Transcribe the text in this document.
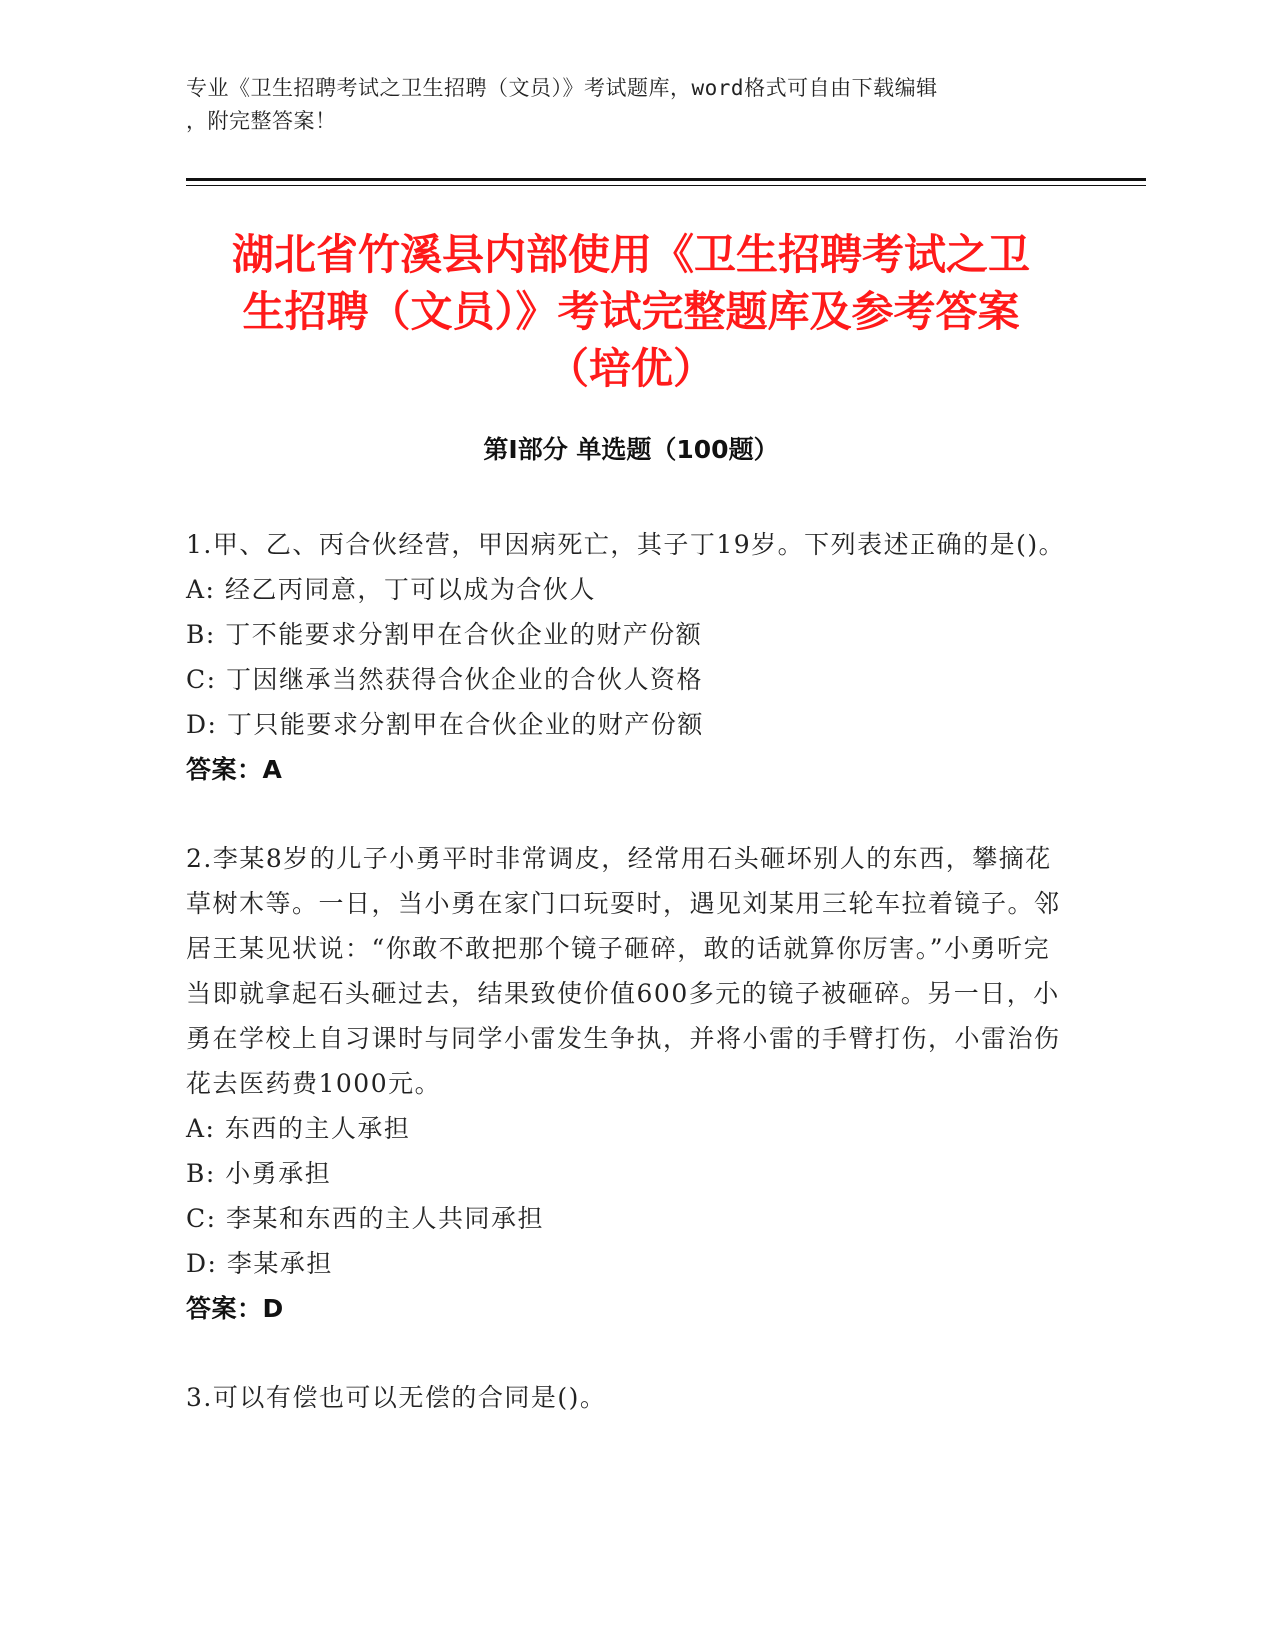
专业《卫生招聘考试之卫生招聘（文员）》考试题库，word格式可自由下载编辑
，附完整答案！
湖北省竹溪县内部使用《卫生招聘考试之卫
生招聘（文员）》考试完整题库及参考答案
（培优）
第Ⅰ部分 单选题（100题）

1.甲、乙、丙合伙经营，甲因病死亡，其子丁19岁。下列表述正确的是()。

A: 经乙丙同意，丁可以成为合伙人

B: 丁不能要求分割甲在合伙企业的财产份额

C: 丁因继承当然获得合伙企业的合伙人资格

D: 丁只能要求分割甲在合伙企业的财产份额

答案：A

2.李某8岁的儿子小勇平时非常调皮，经常用石头砸坏别人的东西，攀摘花草树木等。一日，当小勇在家门口玩耍时，遇见刘某用三轮车拉着镜子。邻居王某见状说：“你敢不敢把那个镜子砸碎，敢的话就算你厉害。”小勇听完当即就拿起石头砸过去，结果致使价值600多元的镜子被砸碎。另一日，小勇在学校上自习课时与同学小雷发生争执，并将小雷的手臂打伤，小雷治伤花去医药费1000元。

A: 东西的主人承担

B: 小勇承担

C: 李某和东西的主人共同承担

D: 李某承担

答案：D

3.可以有偿也可以无偿的合同是()。
